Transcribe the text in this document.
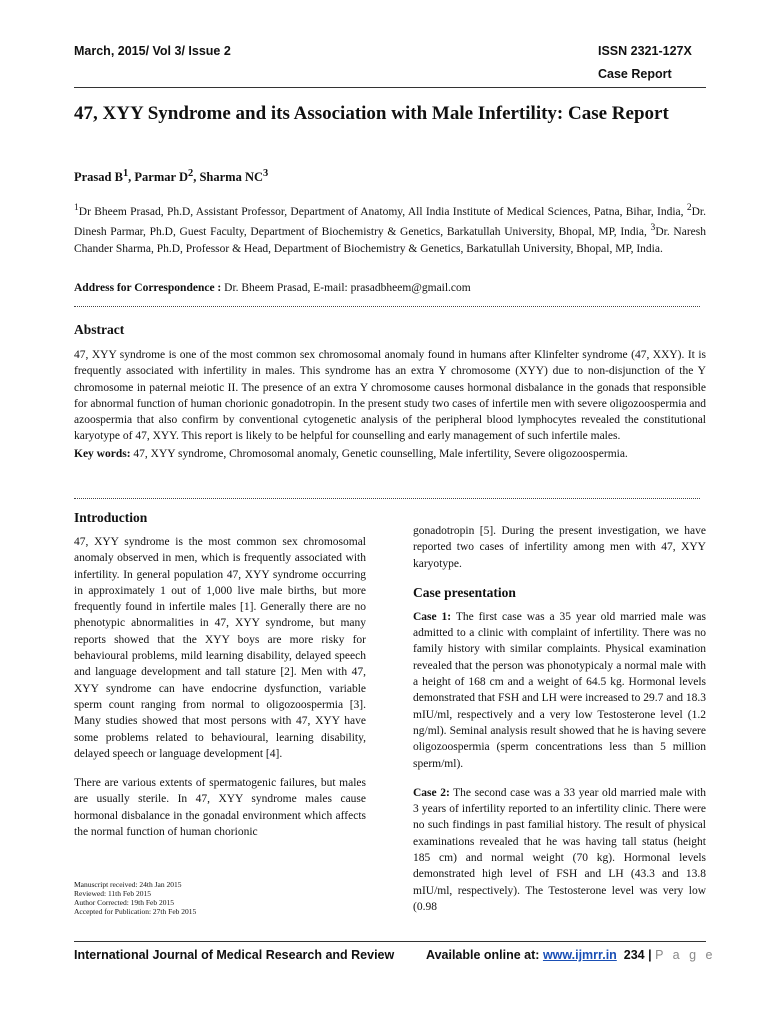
March, 2015/ Vol 3/ Issue 2	ISSN 2321-127X
Case Report
47, XYY Syndrome and its Association with Male Infertility: Case Report
Prasad $B^1$, Parmar $D^2$, Sharma $NC^3$
$^1$Dr Bheem Prasad, Ph.D, Assistant Professor, Department of Anatomy, All India Institute of Medical Sciences, Patna, Bihar, India, $^2$Dr. Dinesh Parmar, Ph.D, Guest Faculty, Department of Biochemistry & Genetics, Barkatullah University, Bhopal, MP, India, $^3$Dr. Naresh Chander Sharma, Ph.D, Professor & Head, Department of Biochemistry & Genetics, Barkatullah University, Bhopal, MP, India.
Address for Correspondence : Dr. Bheem Prasad, E-mail: prasadbheem@gmail.com
Abstract

47, XYY syndrome is one of the most common sex chromosomal anomaly found in humans after Klinfelter syndrome (47, XXY). It is frequently associated with infertility in males. This syndrome has an extra Y chromosome (XYY) due to non-disjunction of the Y chromosome in paternal meiotic II. The presence of an extra Y chromosome causes hormonal disbalance in the gonads that responsible for abnormal function of human chorionic gonadotropin. In the present study two cases of infertile men with severe oligozoospermia and azoospermia that also confirm by conventional cytogenetic analysis of the peripheral blood lymphocytes revealed the constitutional karyotype of 47, XYY. This report is likely to be helpful for counselling and early management of such infertile males.

Key words: 47, XYY syndrome, Chromosomal anomaly, Genetic counselling, Male infertility, Severe oligozoospermia.
Introduction

47, XYY syndrome is the most common sex chromosomal anomaly observed in men, which is frequently associated with infertility. In general population 47, XYY syndrome occurring in approximately 1 out of 1,000 live male births, but more frequently found in infertile males [1]. Generally there are no phenotypic abnormalities in 47, XYY syndrome, but many reports showed that the XYY boys are more risky for behavioural problems, mild learning disability, delayed speech and language development and tall stature [2]. Men with 47, XYY syndrome can have endocrine dysfunction, variable sperm count ranging from normal to oligozoospermia [3]. Many studies showed that most persons with 47, XYY have some problems related to behavioural, learning disability, delayed speech or language development [4].

There are various extents of spermatogenic failures, but males are usually sterile. In 47, XYY syndrome males cause hormonal disbalance in the gonadal environment which affects the normal function of human chorionic

gonadotropin [5]. During the present investigation, we have reported two cases of infertility among men with 47, XYY karyotype.

Case presentation

Case 1: The first case was a 35 year old married male was admitted to a clinic with complaint of infertility. There was no family history with similar complaints. Physical examination revealed that the person was phonotypicaly a normal male with a height of 168 cm and a weight of 64.5 kg. Hormonal levels demonstrated that FSH and LH were increased to 29.7 and 18.3 mIU/ml, respectively and a very low Testosterone level (1.2 ng/ml). Seminal analysis result showed that he is having severe oligozoospermia (sperm concentrations less than 5 million sperm/ml).

Case 2: The second case was a 33 year old married male with 3 years of infertility reported to an infertility clinic. There were no such findings in past familial history. The result of physical examinations revealed that he was having tall status (height 185 cm) and normal weight (70 kg). Hormonal levels demonstrated high level of FSH and LH (43.3 and 13.8 mIU/ml, respectively). The Testosterone level was very low (0.98

Manuscript received: 24th Jan 2015
Reviewed: 11th Feb 2015
Author Corrected: 19th Feb 2015
Accepted for Publication: 27th Feb 2015
International Journal of Medical Research and Review	Available online at: www.ijmrr.in 234 | P a g e
